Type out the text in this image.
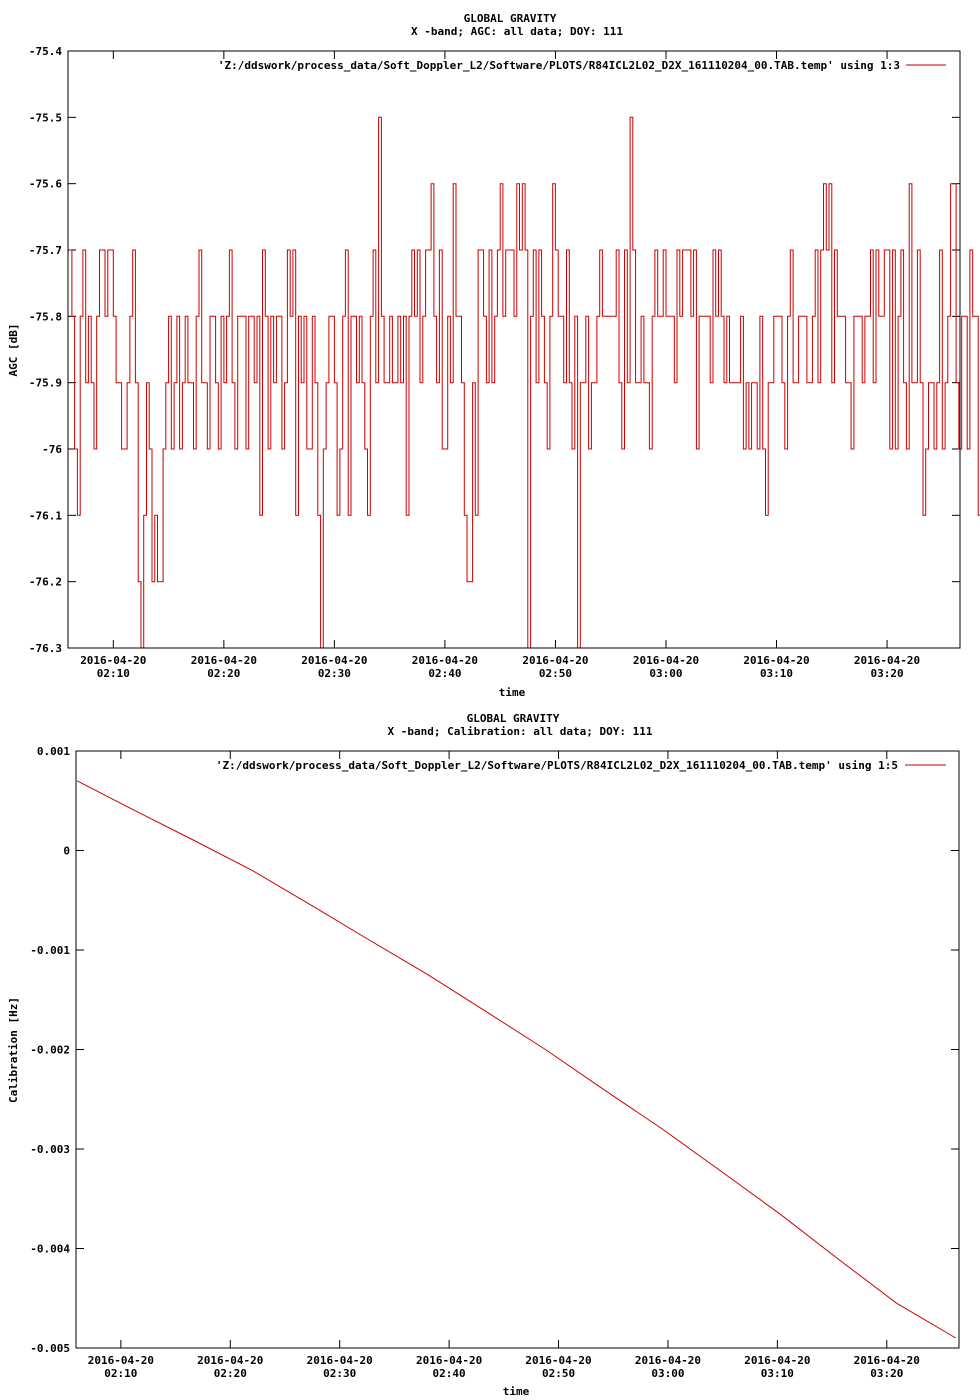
GLOBAL GRAVITY
X -band; AGC: all data; DOY: 111
AGC [dB]
time
-75.4
-75.5
-75.6
-75.7
-75.8
-75.9
-76
-76.1
-76.2
-76.3
2016-04-20
02:10
2016-04-20
02:20
2016-04-20
02:30
2016-04-20
02:40
2016-04-20
02:50
2016-04-20
03:00
2016-04-20
03:10
2016-04-20
03:20
'Z:/ddswork/process_data/Soft_Doppler_L2/Software/PLOTS/R84ICL2L02_D2X_161110204_00.TAB.temp' using 1:3
GLOBAL GRAVITY
X -band; Calibration: all data; DOY: 111
Calibration [Hz]
time
0.001
0
-0.001
-0.002
-0.003
-0.004
-0.005
2016-04-20
02:10
2016-04-20
02:20
2016-04-20
02:30
2016-04-20
02:40
2016-04-20
02:50
2016-04-20
03:00
2016-04-20
03:10
2016-04-20
03:20
'Z:/ddswork/process_data/Soft_Doppler_L2/Software/PLOTS/R84ICL2L02_D2X_161110204_00.TAB.temp' using 1:5
